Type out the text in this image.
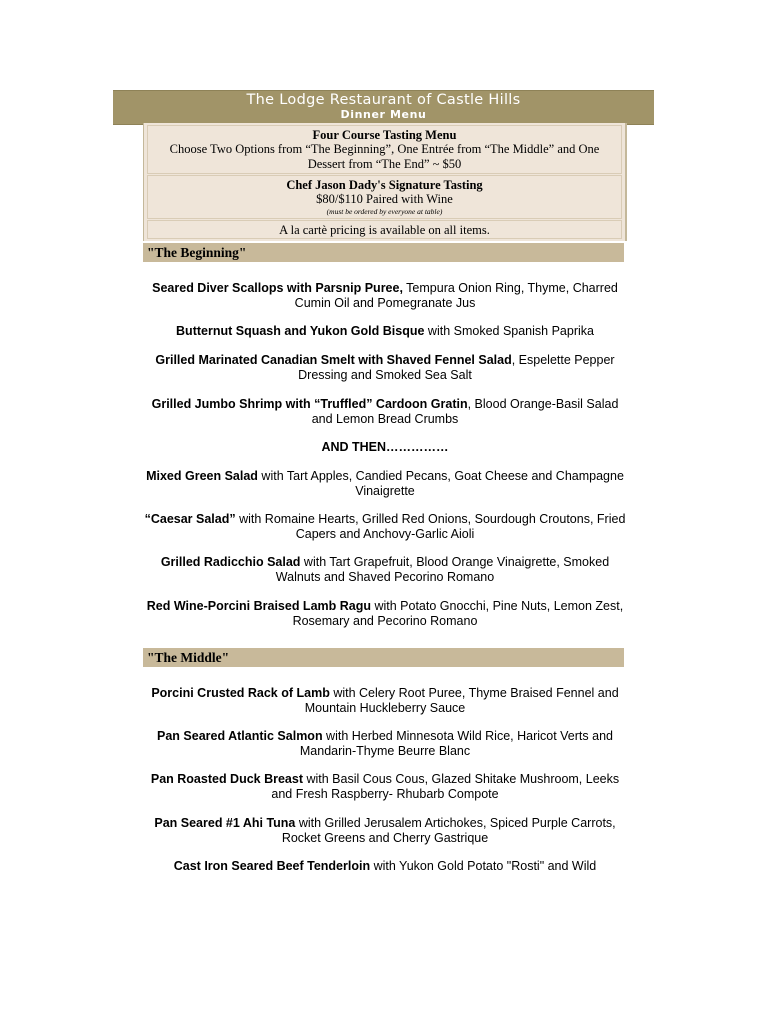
The Lodge Restaurant of Castle Hills
Dinner Menu
Four Course Tasting Menu
Choose Two Options from “The Beginning”, One Entrée from “The Middle” and One
Dessert from “The End” ~ $50
Chef Jason Dady's Signature Tasting
$80/$110 Paired with Wine
(must be ordered by everyone at table)
A la cartè pricing is available on all items.
"The Beginning"
Seared Diver Scallops with Parsnip Puree, Tempura Onion Ring, Thyme, Charred
Cumin Oil and Pomegranate Jus
Butternut Squash and Yukon Gold Bisque with Smoked Spanish Paprika
Grilled Marinated Canadian Smelt with Shaved Fennel Salad, Espelette Pepper
Dressing and Smoked Sea Salt
Grilled Jumbo Shrimp with “Truffled” Cardoon Gratin, Blood Orange-Basil Salad
and Lemon Bread Crumbs
AND THEN……………
Mixed Green Salad with Tart Apples, Candied Pecans, Goat Cheese and Champagne
Vinaigrette
“Caesar Salad” with Romaine Hearts, Grilled Red Onions, Sourdough Croutons, Fried
Capers and Anchovy-Garlic Aioli
Grilled Radicchio Salad with Tart Grapefruit, Blood Orange Vinaigrette, Smoked
Walnuts and Shaved Pecorino Romano
Red Wine-Porcini Braised Lamb Ragu with Potato Gnocchi, Pine Nuts, Lemon Zest,
Rosemary and Pecorino Romano
"The Middle"
Porcini Crusted Rack of Lamb with Celery Root Puree, Thyme Braised Fennel and
Mountain Huckleberry Sauce
Pan Seared Atlantic Salmon with Herbed Minnesota Wild Rice, Haricot Verts and
Mandarin-Thyme Beurre Blanc
Pan Roasted Duck Breast with Basil Cous Cous, Glazed Shitake Mushroom, Leeks
and Fresh Raspberry- Rhubarb Compote
Pan Seared #1 Ahi Tuna with Grilled Jerusalem Artichokes, Spiced Purple Carrots,
Rocket Greens and Cherry Gastrique
Cast Iron Seared Beef Tenderloin with Yukon Gold Potato "Rosti" and Wild
